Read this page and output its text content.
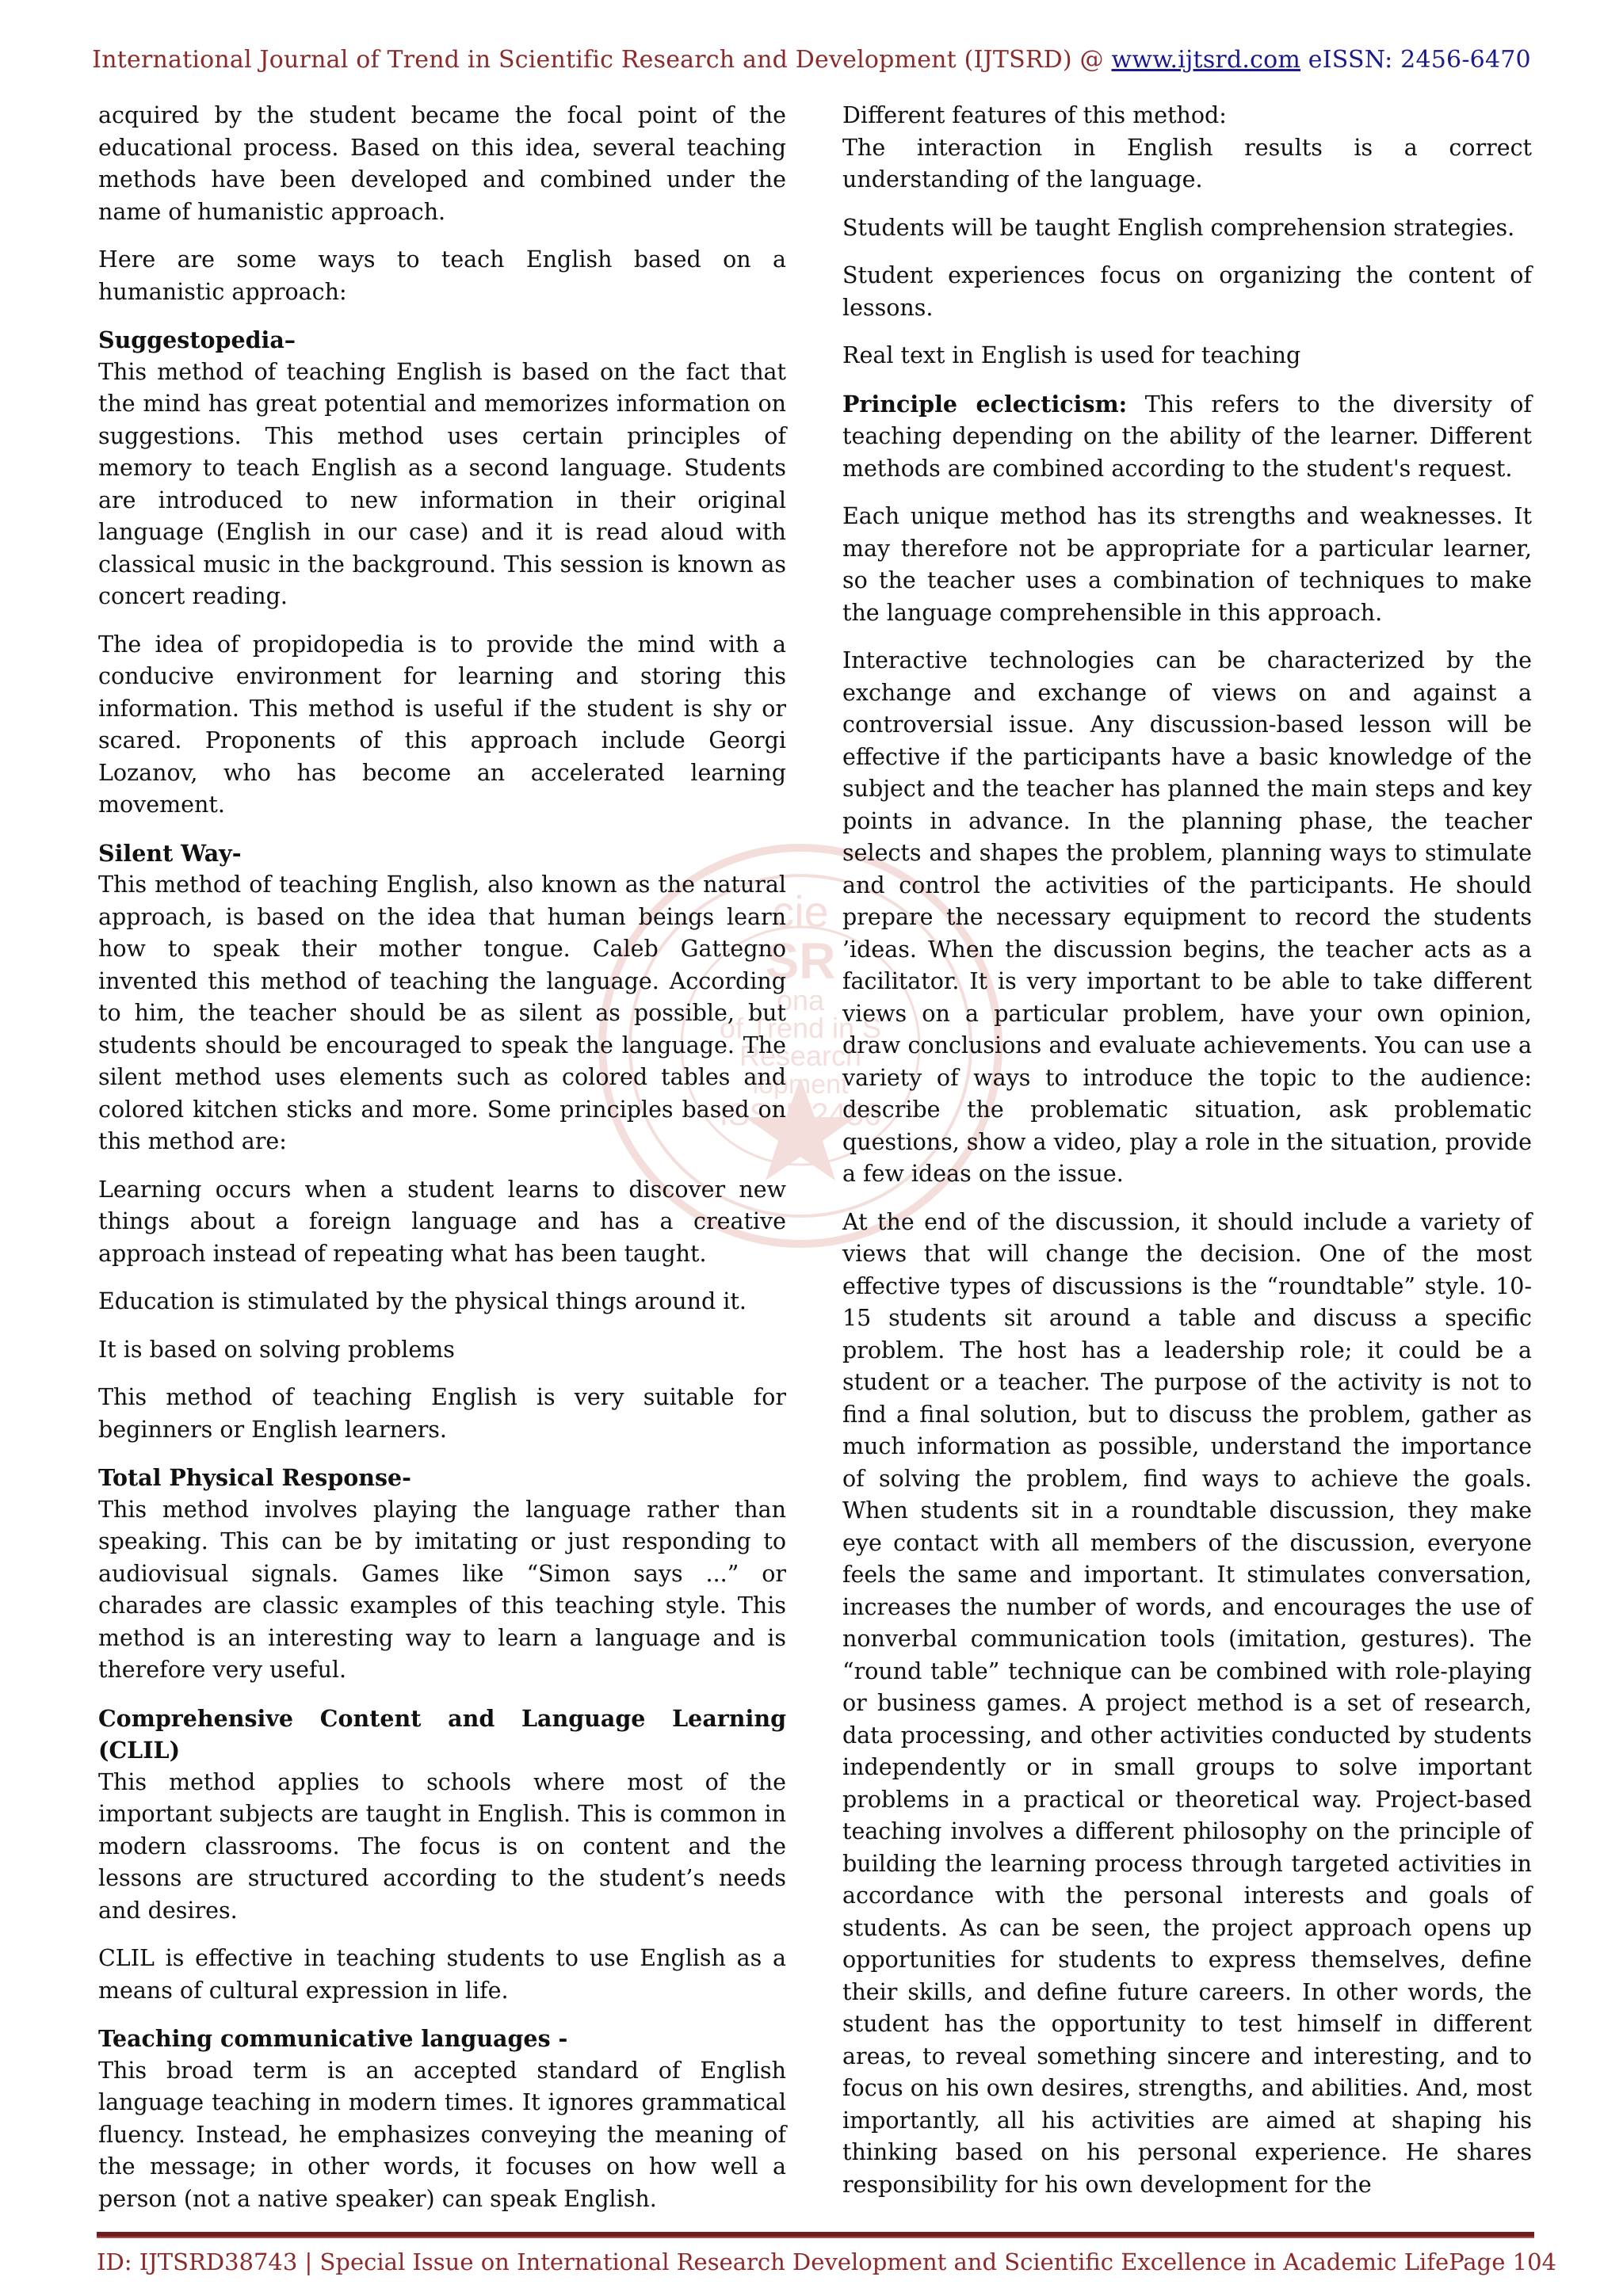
International Journal of Trend in Scientific Research and Development (IJTSRD) @ www.ijtsrd.com eISSN: 2456-6470
cie
SR
ona
of Trend in S
Research
lopment
ISSN: 2456

acquired by the student became the focal point of the educational process. Based on this idea, several teaching methods have been developed and combined under the name of humanistic approach.

Here are some ways to teach English based on a humanistic approach:

Suggestopedia–

This method of teaching English is based on the fact that the mind has great potential and memorizes information on suggestions. This method uses certain principles of memory to teach English as a second language. Students are introduced to new information in their original language (English in our case) and it is read aloud with classical music in the background. This session is known as concert reading.

The idea of propidopedia is to provide the mind with a conducive environment for learning and storing this information. This method is useful if the student is shy or scared. Proponents of this approach include Georgi Lozanov, who has become an accelerated learning movement.

Silent Way-

This method of teaching English, also known as the natural approach, is based on the idea that human beings learn how to speak their mother tongue. Caleb Gattegno invented this method of teaching the language. According to him, the teacher should be as silent as possible, but students should be encouraged to speak the language. The silent method uses elements such as colored tables and colored kitchen sticks and more. Some principles based on this method are:

Learning occurs when a student learns to discover new things about a foreign language and has a creative approach instead of repeating what has been taught.

Education is stimulated by the physical things around it.

It is based on solving problems

This method of teaching English is very suitable for beginners or English learners.

Total Physical Response-

This method involves playing the language rather than speaking. This can be by imitating or just responding to audiovisual signals. Games like “Simon says ...” or charades are classic examples of this teaching style. This method is an interesting way to learn a language and is therefore very useful.

Comprehensive Content and Language Learning (CLIL)

This method applies to schools where most of the important subjects are taught in English. This is common in modern classrooms. The focus is on content and the lessons are structured according to the student’s needs and desires.

CLIL is effective in teaching students to use English as a means of cultural expression in life.

Teaching communicative languages -

This broad term is an accepted standard of English language teaching in modern times. It ignores grammatical fluency. Instead, he emphasizes conveying the meaning of the message; in other words, it focuses on how well a person (not a native speaker) can speak English.

Different features of this method:

The interaction in English results is a correct understanding of the language.

Students will be taught English comprehension strategies.

Student experiences focus on organizing the content of lessons.

Real text in English is used for teaching

Principle eclecticism: This refers to the diversity of teaching depending on the ability of the learner. Different methods are combined according to the student's request.

Each unique method has its strengths and weaknesses. It may therefore not be appropriate for a particular learner, so the teacher uses a combination of techniques to make the language comprehensible in this approach.

Interactive technologies can be characterized by the exchange and exchange of views on and against a controversial issue. Any discussion-based lesson will be effective if the participants have a basic knowledge of the subject and the teacher has planned the main steps and key points in advance. In the planning phase, the teacher selects and shapes the problem, planning ways to stimulate and control the activities of the participants. He should prepare the necessary equipment to record the students ’ideas. When the discussion begins, the teacher acts as a facilitator. It is very important to be able to take different views on a particular problem, have your own opinion, draw conclusions and evaluate achievements. You can use a variety of ways to introduce the topic to the audience: describe the problematic situation, ask problematic questions, show a video, play a role in the situation, provide a few ideas on the issue.

At the end of the discussion, it should include a variety of views that will change the decision. One of the most effective types of discussions is the “roundtable” style. 10-15 students sit around a table and discuss a specific problem. The host has a leadership role; it could be a student or a teacher. The purpose of the activity is not to find a final solution, but to discuss the problem, gather as much information as possible, understand the importance of solving the problem, find ways to achieve the goals. When students sit in a roundtable discussion, they make eye contact with all members of the discussion, everyone feels the same and important. It stimulates conversation, increases the number of words, and encourages the use of nonverbal communication tools (imitation, gestures). The “round table” technique can be combined with role-playing or business games. A project method is a set of research, data processing, and other activities conducted by students independently or in small groups to solve important problems in a practical or theoretical way. Project-based teaching involves a different philosophy on the principle of building the learning process through targeted activities in accordance with the personal interests and goals of students. As can be seen, the project approach opens up opportunities for students to express themselves, define their skills, and define future careers. In other words, the student has the opportunity to test himself in different areas, to reveal something sincere and interesting, and to focus on his own desires, strengths, and abilities. And, most importantly, all his activities are aimed at shaping his thinking based on his personal experience. He shares responsibility for his own development for the

ID: IJTSRD38743 | Special Issue on International Research Development and Scientific Excellence in Academic LifePage 104
